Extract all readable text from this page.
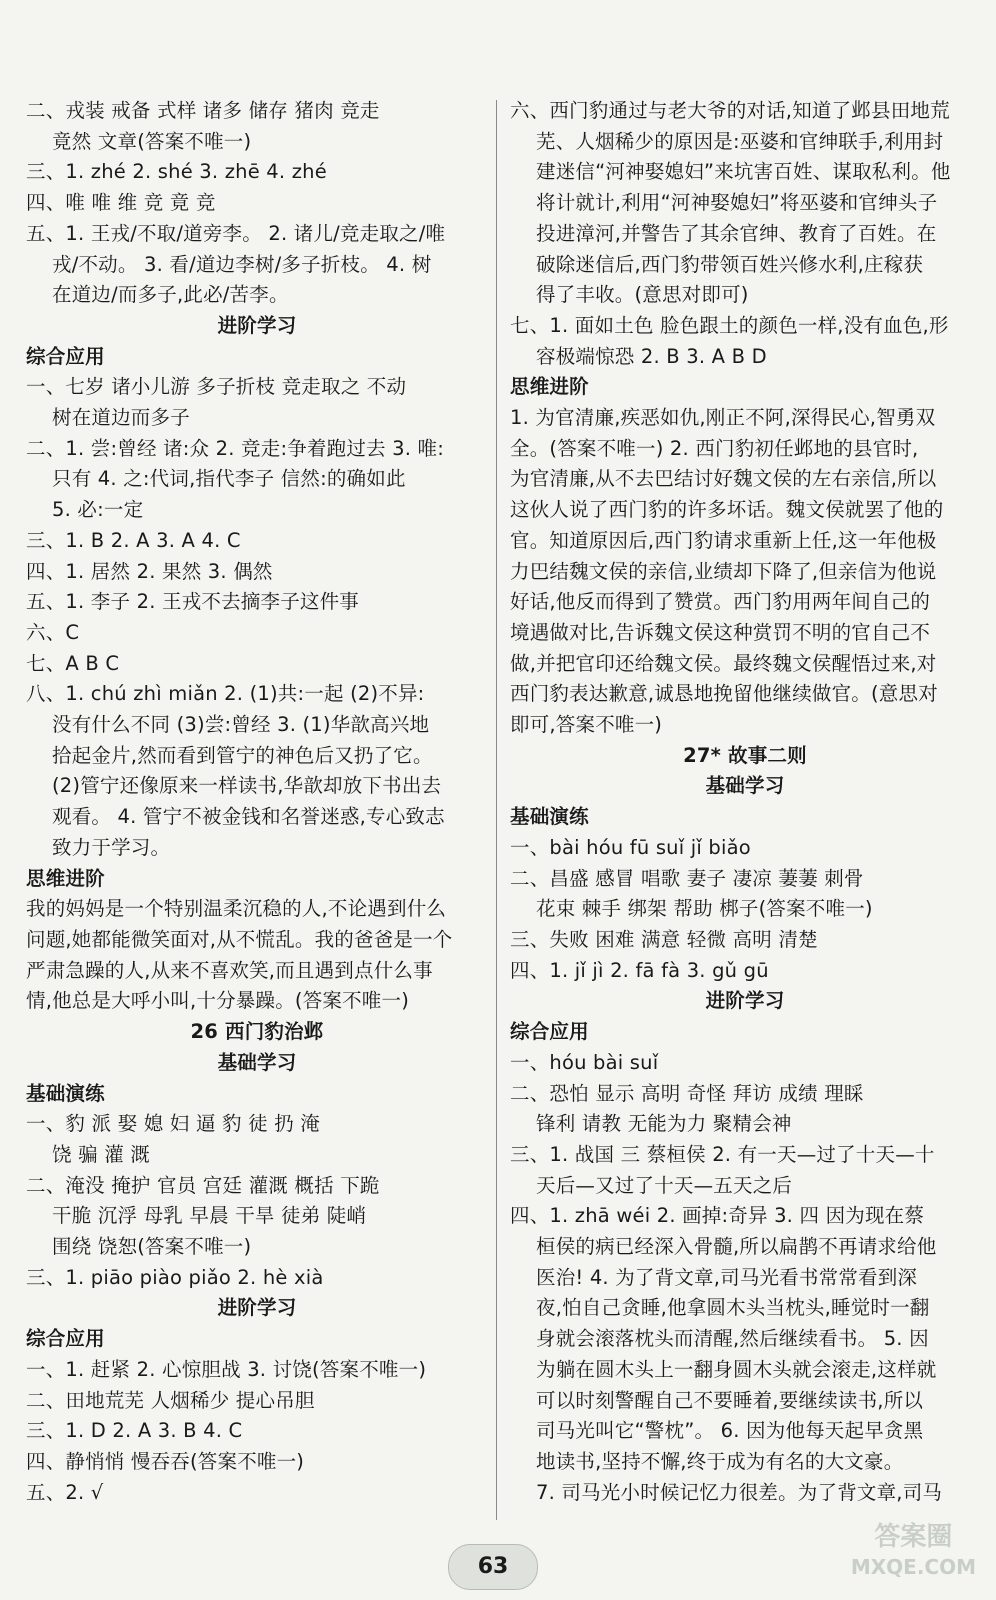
二、戎装 戒备 式样 诸多 储存 猪肉 竞走
竟然 文章(答案不唯一)
三、1. zhé 2. shé 3. zhē 4. zhé
四、唯 唯 维 竞 竟 竞
五、1. 王戎/不取/道旁李。 2. 诸儿/竞走取之/唯
戎/不动。 3. 看/道边李树/多子折枝。 4. 树
在道边/而多子,此必/苦李。
进阶学习
综合应用
一、七岁 诸小儿游 多子折枝 竞走取之 不动
树在道边而多子
二、1. 尝:曾经 诸:众 2. 竞走:争着跑过去 3. 唯:
只有 4. 之:代词,指代李子 信然:的确如此
5. 必:一定
三、1. B 2. A 3. A 4. C
四、1. 居然 2. 果然 3. 偶然
五、1. 李子 2. 王戎不去摘李子这件事
六、C
七、A B C
八、1. chú zhì miǎn 2. (1)共:一起 (2)不异:
没有什么不同 (3)尝:曾经 3. (1)华歆高兴地
拾起金片,然而看到管宁的神色后又扔了它。
(2)管宁还像原来一样读书,华歆却放下书出去
观看。 4. 管宁不被金钱和名誉迷惑,专心致志
致力于学习。
思维进阶
我的妈妈是一个特别温柔沉稳的人,不论遇到什么
问题,她都能微笑面对,从不慌乱。我的爸爸是一个
严肃急躁的人,从来不喜欢笑,而且遇到点什么事
情,他总是大呼小叫,十分暴躁。(答案不唯一)
26 西门豹治邺
基础学习
基础演练
一、豹 派 娶 媳 妇 逼 豹 徒 扔 淹
饶 骗 灌 溉
二、淹没 掩护 官员 宫廷 灌溉 概括 下跪
干脆 沉浮 母乳 早晨 干旱 徒弟 陡峭
围绕 饶恕(答案不唯一)
三、1. piāo piào piǎo 2. hè xià
进阶学习
综合应用
一、1. 赶紧 2. 心惊胆战 3. 讨饶(答案不唯一)
二、田地荒芜 人烟稀少 提心吊胆
三、1. D 2. A 3. B 4. C
四、静悄悄 慢吞吞(答案不唯一)
五、2. √
六、西门豹通过与老大爷的对话,知道了邺县田地荒
芜、人烟稀少的原因是:巫婆和官绅联手,利用封
建迷信“河神娶媳妇”来坑害百姓、谋取私利。他
将计就计,利用“河神娶媳妇”将巫婆和官绅头子
投进漳河,并警告了其余官绅、教育了百姓。在
破除迷信后,西门豹带领百姓兴修水利,庄稼获
得了丰收。(意思对即可)
七、1. 面如土色 脸色跟土的颜色一样,没有血色,形
容极端惊恐 2. B 3. A B D
思维进阶
1. 为官清廉,疾恶如仇,刚正不阿,深得民心,智勇双
全。(答案不唯一) 2. 西门豹初任邺地的县官时,
为官清廉,从不去巴结讨好魏文侯的左右亲信,所以
这伙人说了西门豹的许多坏话。魏文侯就罢了他的
官。知道原因后,西门豹请求重新上任,这一年他极
力巴结魏文侯的亲信,业绩却下降了,但亲信为他说
好话,他反而得到了赞赏。西门豹用两年间自己的
境遇做对比,告诉魏文侯这种赏罚不明的官自己不
做,并把官印还给魏文侯。最终魏文侯醒悟过来,对
西门豹表达歉意,诚恳地挽留他继续做官。(意思对
即可,答案不唯一)
27* 故事二则
基础学习
基础演练
一、bài hóu fū suǐ jǐ biǎo
二、昌盛 感冒 唱歌 妻子 凄凉 萋萋 刺骨
花束 棘手 绑架 帮助 梆子(答案不唯一)
三、失败 困难 满意 轻微 高明 清楚
四、1. jǐ jì 2. fā fà 3. gǔ gū
进阶学习
综合应用
一、hóu bài suǐ
二、恐怕 显示 高明 奇怪 拜访 成绩 理睬
锋利 请教 无能为力 聚精会神
三、1. 战国 三 蔡桓侯 2. 有一天—过了十天—十
天后—又过了十天—五天之后
四、1. zhā wéi 2. 画掉:奇异 3. 四 因为现在蔡
桓侯的病已经深入骨髓,所以扁鹊不再请求给他
医治! 4. 为了背文章,司马光看书常常看到深
夜,怕自己贪睡,他拿圆木头当枕头,睡觉时一翻
身就会滚落枕头而清醒,然后继续看书。 5. 因
为躺在圆木头上一翻身圆木头就会滚走,这样就
可以时刻警醒自己不要睡着,要继续读书,所以
司马光叫它“警枕”。 6. 因为他每天起早贪黑
地读书,坚持不懈,终于成为有名的大文豪。
7. 司马光小时候记忆力很差。为了背文章,司马
63
答案圈
MXQE.COM
